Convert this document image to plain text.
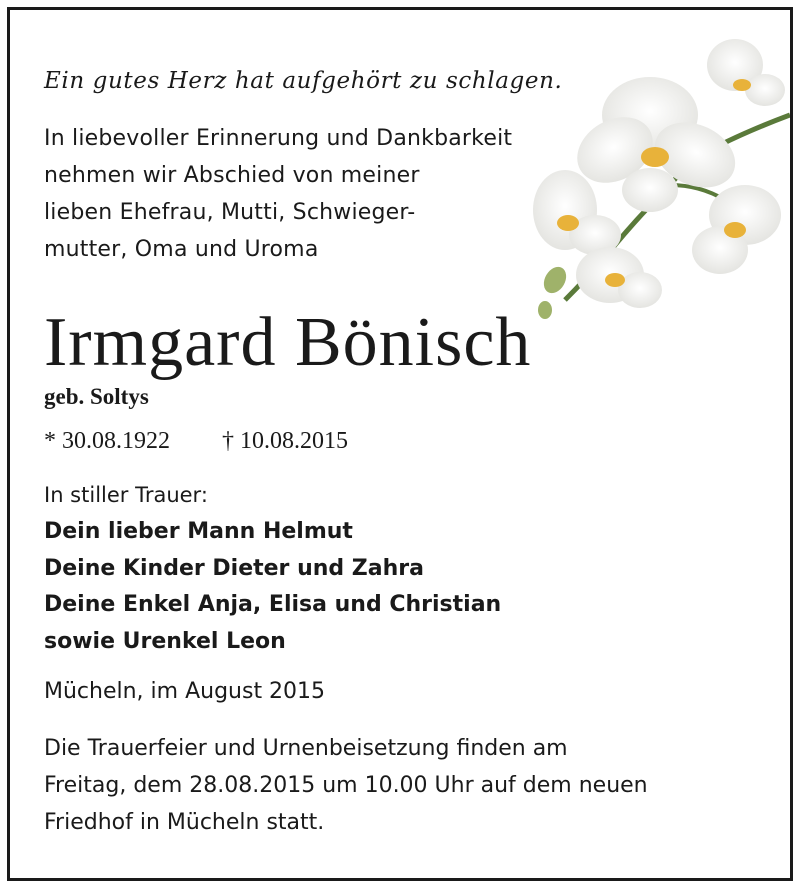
Ein gutes Herz hat aufgehört zu schlagen.
In liebevoller Erinnerung und Dankbarkeit
nehmen wir Abschied von meiner
lieben Ehefrau, Mutti, Schwieger-
mutter, Oma und Uroma
Irmgard Bönisch
geb. Soltys
* 30.08.1922 † 10.08.2015
In stiller Trauer:
Dein lieber Mann Helmut
Deine Kinder Dieter und Zahra
Deine Enkel Anja, Elisa und Christian
sowie Urenkel Leon
Mücheln, im August 2015
Die Trauerfeier und Urnenbeisetzung finden am
Freitag, dem 28.08.2015 um 10.00 Uhr auf dem neuen
Friedhof in Mücheln statt.
